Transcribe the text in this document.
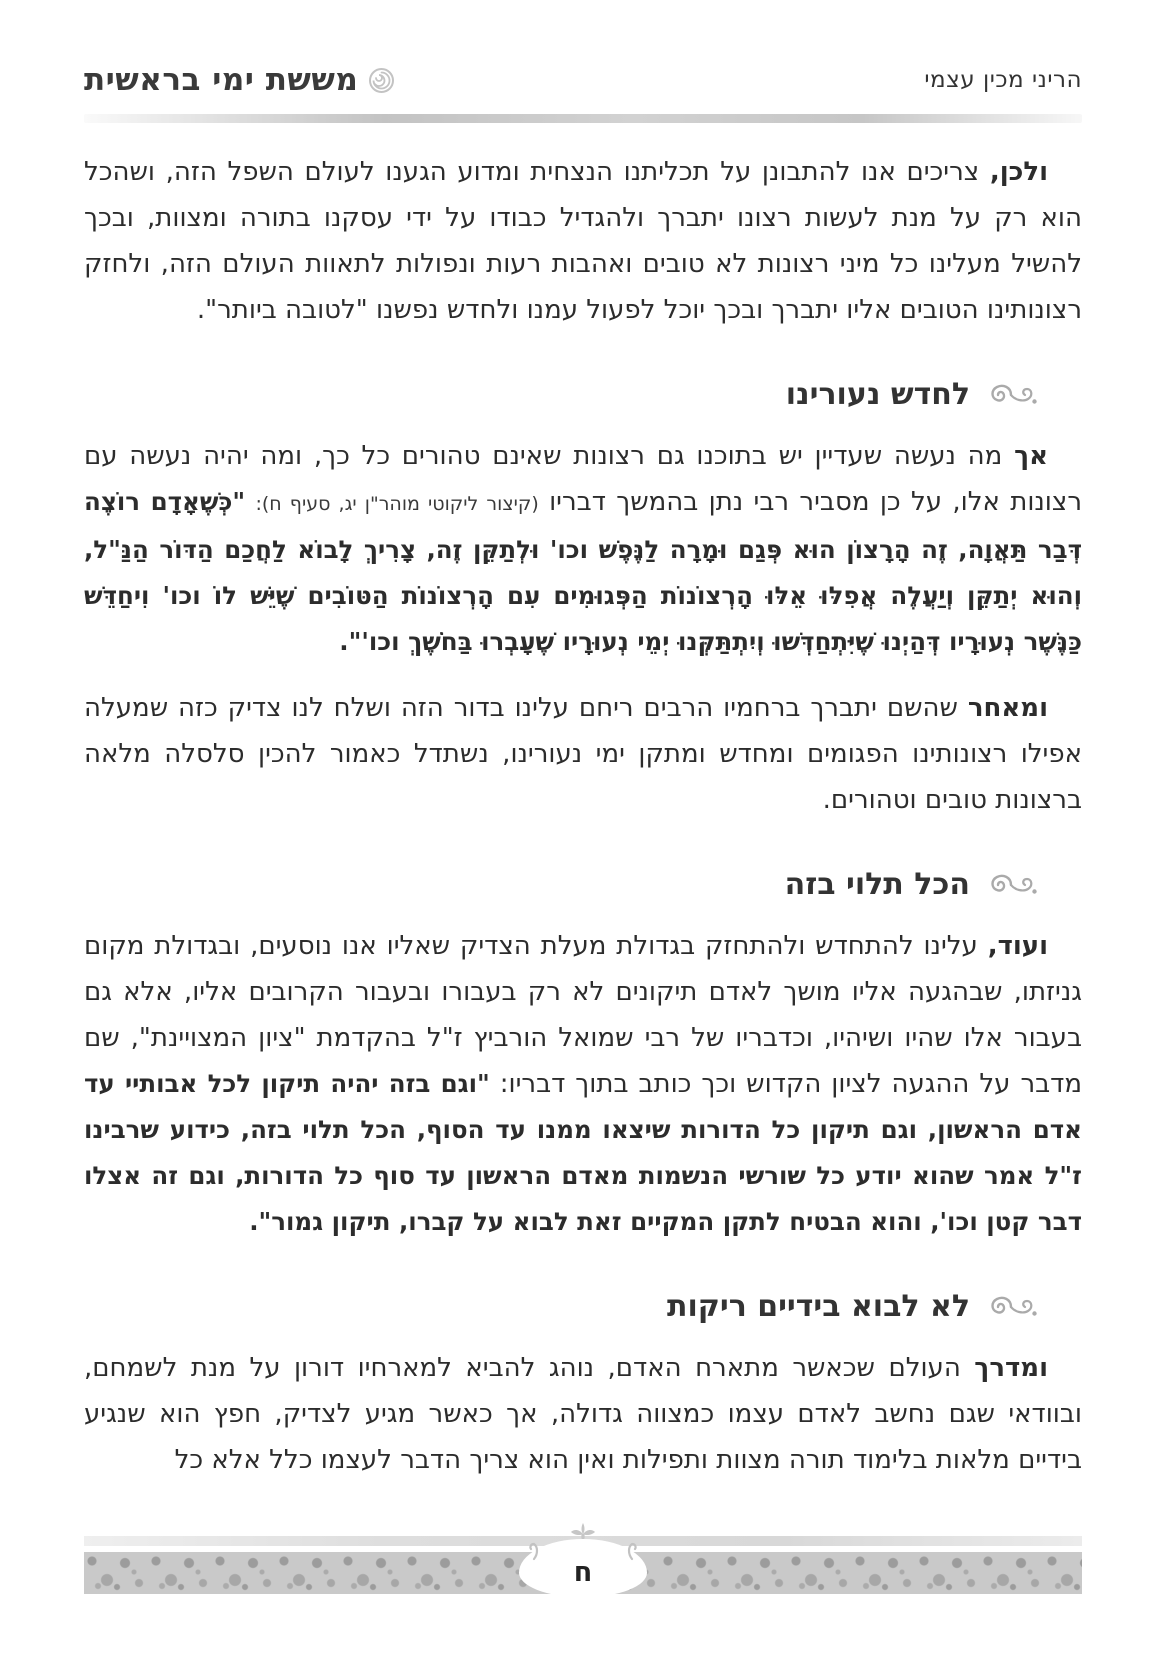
הריני מכין עצמי
מששת ימי בראשית

ולכן, צריכים אנו להתבונן על תכליתנו הנצחית ומדוע הגענו לעולם השפל הזה, ושהכל הוא רק על מנת לעשות רצונו יתברך ולהגדיל כבודו על ידי עסקנו בתורה ומצוות, ובכך להשיל מעלינו כל מיני רצונות לא טובים ואהבות רעות ונפולות לתאוות העולם הזה, ולחזק רצונותינו הטובים אליו יתברך ובכך יוכל לפעול עמנו ולחדש נפשנו "לטובה ביותר".

לחדש נעורינו

אך מה נעשה שעדיין יש בתוכנו גם רצונות שאינם טהורים כל כך, ומה יהיה נעשה עם רצונות אלו, על כן מסביר רבי נתן בהמשך דבריו (קיצור ליקוטי מוהר"ן יג, סעיף ח): "כְּשֶׁאָדָם רוֹצֶה דְּבַר תַּאֲוָה, זֶה הָרָצוֹן הוּא פְּגַם וּמָרָה לַנֶּפֶשׁ וכו' וּלְתַקֵּן זֶה, צָרִיךְ לָבוֹא לַחֲכַם הַדּוֹר הַנַּ"ל, וְהוּא יְתַקֵּן וְיַעֲלֶה אֲפִלּוּ אֵלּוּ הָרְצוֹנוֹת הַפְּגוּמִים עִם הָרְצוֹנוֹת הַטּוֹבִים שֶׁיֵּשׁ לוֹ וכו' וִיחַדֵּשׁ כַּנֶּשֶׁר נְעוּרָיו דְּהַיְנוּ שֶׁיִּתְחַדְּשׁוּ וְיִתְתַּקְּנוּ יְמֵי נְעוּרָיו שֶׁעָבְרוּ בַּחֹשֶׁךְ וכו'".

ומאחר שהשם יתברך ברחמיו הרבים ריחם עלינו בדור הזה ושלח לנו צדיק כזה שמעלה אפילו רצונותינו הפגומים ומחדש ומתקן ימי נעורינו, נשתדל כאמור להכין סלסלה מלאה ברצונות טובים וטהורים.

הכל תלוי בזה

ועוד, עלינו להתחדש ולהתחזק בגדולת מעלת הצדיק שאליו אנו נוסעים, ובגדולת מקום גניזתו, שבהגעה אליו מושך לאדם תיקונים לא רק בעבורו ובעבור הקרובים אליו, אלא גם בעבור אלו שהיו ושיהיו, וכדבריו של רבי שמואל הורביץ ז"ל בהקדמת "ציון המצויינת", שם מדבר על ההגעה לציון הקדוש וכך כותב בתוך דבריו: "וגם בזה יהיה תיקון לכל אבותיי עד אדם הראשון, וגם תיקון כל הדורות שיצאו ממנו עד הסוף, הכל תלוי בזה, כידוע שרבינו ז"ל אמר שהוא יודע כל שורשי הנשמות מאדם הראשון עד סוף כל הדורות, וגם זה אצלו דבר קטן וכו', והוא הבטיח לתקן המקיים זאת לבוא על קברו, תיקון גמור".

לא לבוא בידיים ריקות

ומדרך העולם שכאשר מתארח האדם, נוהג להביא למארחיו דורון על מנת לשמחם, ובוודאי שגם נחשב לאדם עצמו כמצווה גדולה, אך כאשר מגיע לצדיק, חפץ הוא שנגיע בידיים מלאות בלימוד תורה מצוות ותפילות ואין הוא צריך הדבר לעצמו כלל אלא כל

ח
